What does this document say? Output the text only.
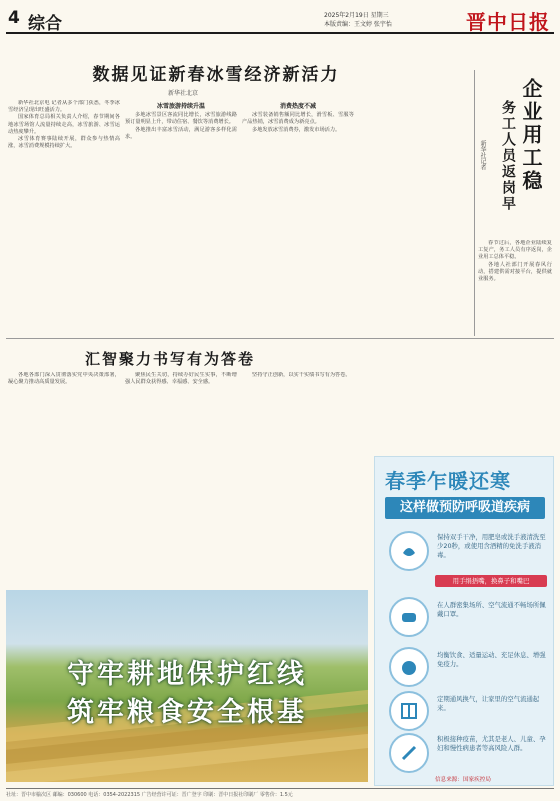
4 综合	2025年2月19日 星期三
本版责编：王文婷 张宇怡	晋中日报
数据见证新春冰雪经济新活力
新华社北京
新华社北京电 记者从多个部门获悉，冬季冰雪经济呈现出旺盛活力。
国家体育总局相关负责人介绍，春节期间各地冰雪场馆人流量持续走高，冰雪旅游、冰雪运动热度攀升。
冰雪体育赛事陆续开展，群众参与热情高涨，冰雪消费规模持续扩大。
冰雪旅游持续升温
多地冰雪景区客流同比增长，冰雪旅游线路预订量明显上升，带动住宿、餐饮等消费增长。
各地推出丰富冰雪活动，满足游客多样化需求。
消费热度不减
冰雪装备销售额同比增长，滑雪板、雪服等产品热销，冰雪消费成为新亮点。
多地发放冰雪消费券，激发市场活力。	企业用工稳
务工人员返岗早
新华社记者
春节过后，各地企业陆续复工复产，务工人员有序返岗，企业用工总体平稳。
各地人社部门开展春风行动，搭建供需对接平台，提供就业服务。
汇智聚力书写有为答卷
各地各部门深入贯彻落实党中央决策部署，凝心聚力推动高质量发展。
聚焦民生关切，持续办好民生实事，不断增强人民群众获得感、幸福感、安全感。
坚持守正创新，以实干实绩书写有为答卷。
守牢耕地保护红线
筑牢粮食安全根基
春季乍暖还寒
这样做预防呼吸道疾病
保持双手干净，用肥皂或洗手液清洗至少20秒，或使用含酒精的免洗手液消毒。
用手绢捂嘴，换鼻子和嘴巴
在人群密集场所、空气流通不畅场所佩戴口罩。
均衡饮食、适量运动、充足休息、增强免疫力。
定期通风换气，让家里的空气流通起来。
积极接种疫苗，尤其是老人、儿童、孕妇和慢性病患者等高风险人群。
信息来源：国家疾控局
社址：晋中市榆次区 邮编：030600 电话：0354-2022315 广告经营许可证：晋广登字 印刷：晋中日报社印刷厂 零售价：1.5元
